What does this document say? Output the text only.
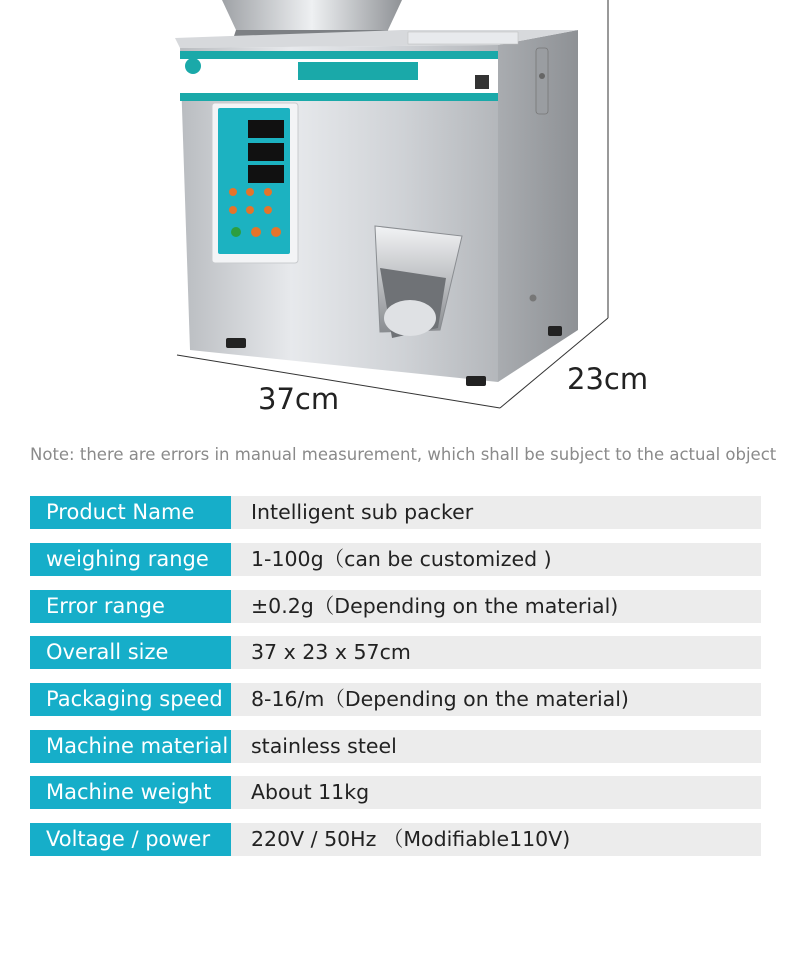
37cm
23cm
Note: there are errors in manual measurement, which shall be subject to the actual object
Product Name	Intelligent sub packer
weighing range	1-100g（can be customized )
Error range	±0.2g（Depending on the material)
Overall size	37 x 23 x 57cm
Packaging speed	8-16/m（Depending on the material)
Machine material	stainless steel
Machine weight	About 11kg
Voltage / power	220V / 50Hz （Modifiable110V)
